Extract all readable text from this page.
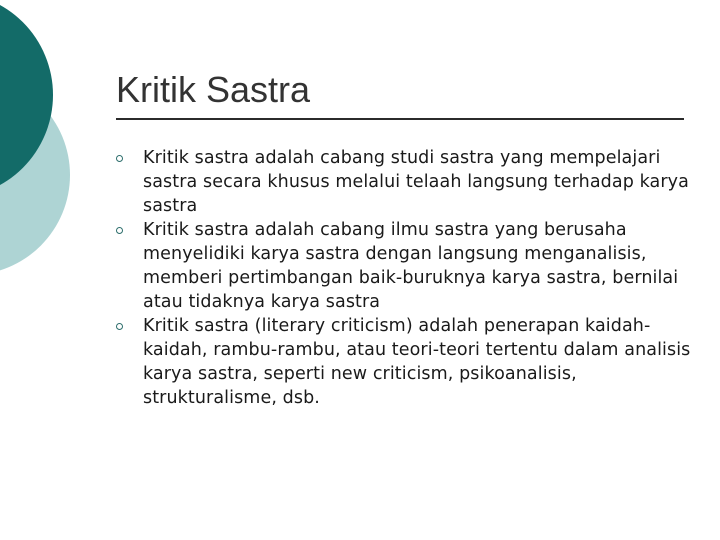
Kritik Sastra
Kritik sastra adalah cabang studi sastra yang mempelajari sastra secara khusus melalui telaah langsung terhadap karya sastra
Kritik sastra adalah cabang ilmu sastra yang berusaha menyelidiki karya sastra dengan langsung menganalisis, memberi pertimbangan baik-buruknya karya sastra, bernilai atau tidaknya karya sastra
Kritik sastra (literary criticism) adalah penerapan kaidah-kaidah, rambu-rambu, atau teori-teori tertentu dalam analisis karya sastra, seperti new criticism, psikoanalisis, strukturalisme, dsb.
